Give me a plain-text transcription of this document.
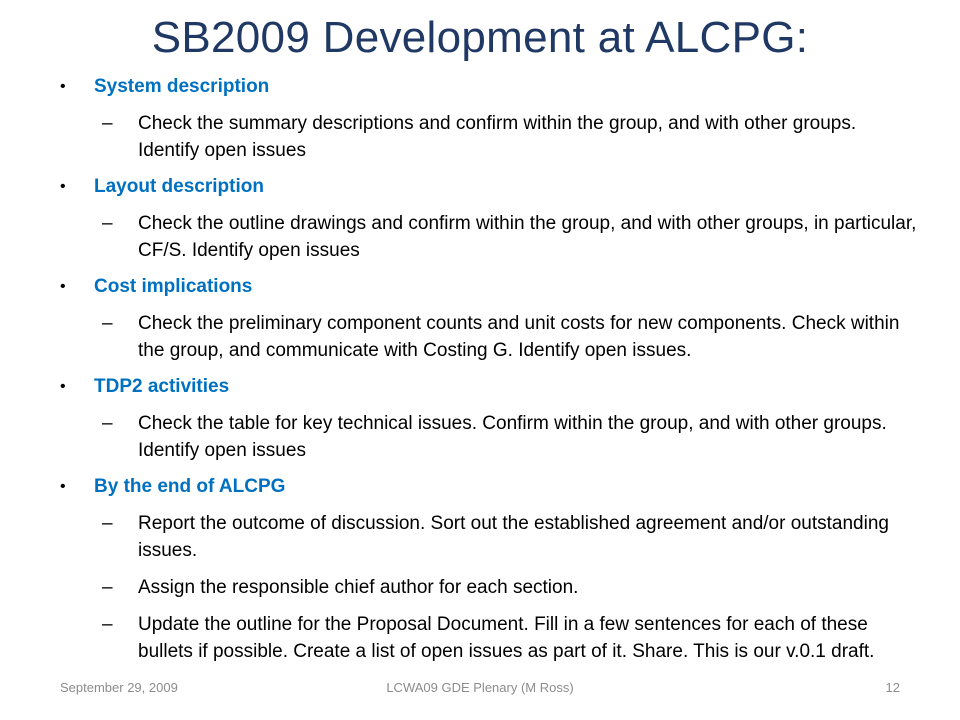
SB2009 Development at ALCPG:
• System description
– Check the summary descriptions and confirm within the group, and with other groups. Identify open issues
• Layout description
– Check the outline drawings and confirm within the group, and with other groups, in particular, CF/S. Identify open issues
• Cost implications
– Check the preliminary component counts and unit costs for new components. Check within the group, and communicate with Costing G. Identify open issues.
• TDP2 activities
– Check the table for key technical issues. Confirm within the group, and with other groups. Identify open issues
• By the end of ALCPG
– Report the outcome of discussion. Sort out the established agreement and/or outstanding issues.
– Assign the responsible chief author for each section.
– Update the outline for the Proposal Document. Fill in a few sentences for each of these bullets if possible. Create a list of open issues as part of it. Share. This is our v.0.1 draft.
September 29, 2009	LCWA09 GDE Plenary (M Ross)	12
